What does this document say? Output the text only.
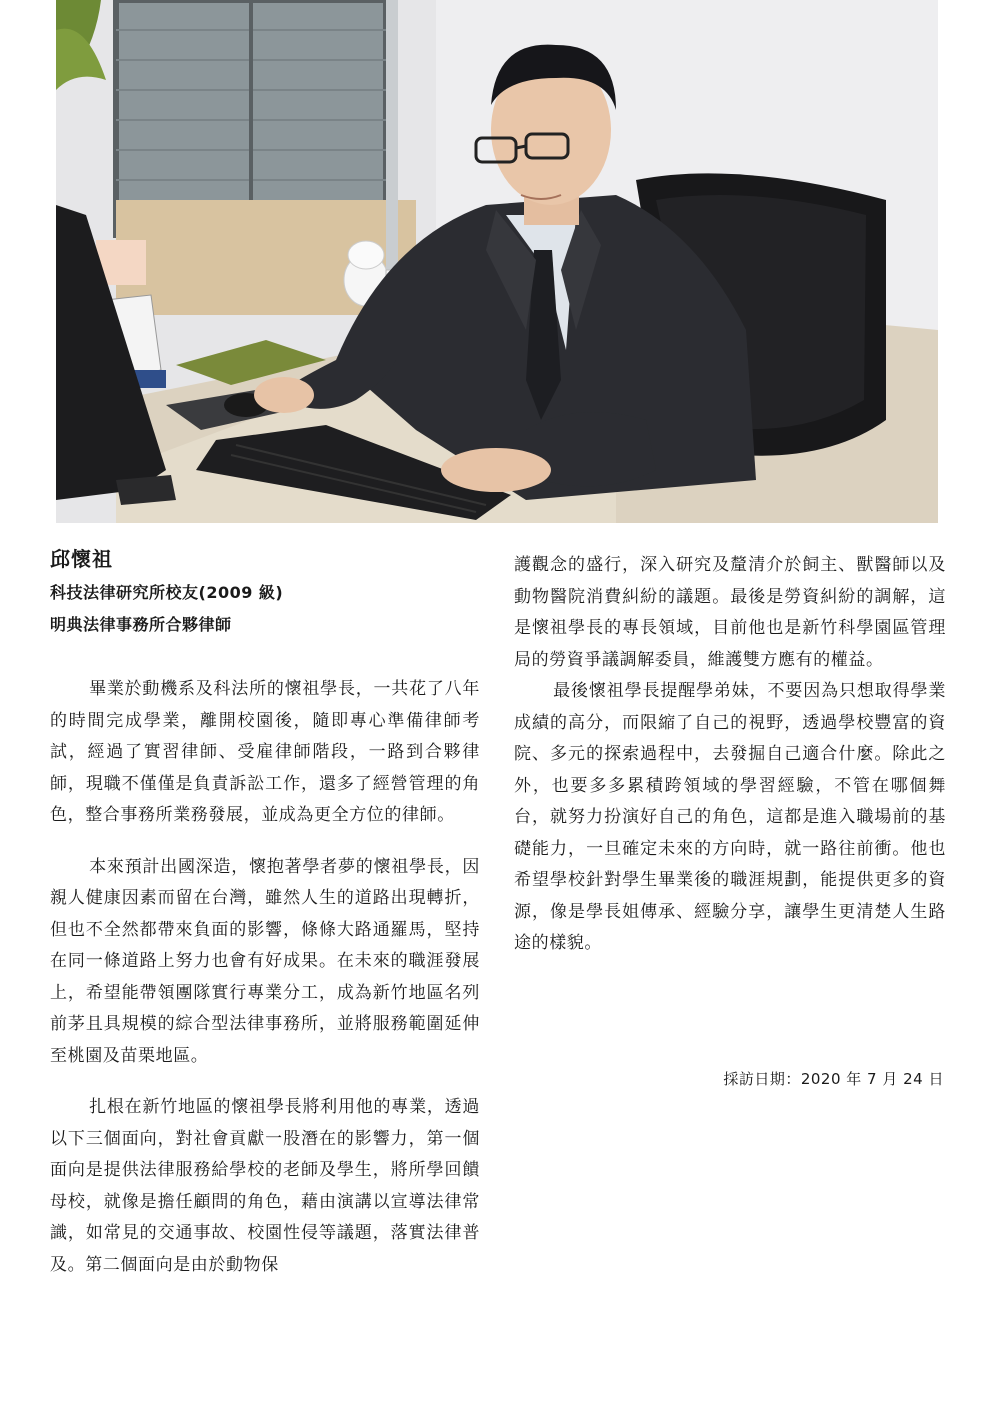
邱懷祖
科技法律研究所校友(2009 級)
明典法律事務所合夥律師

畢業於動機系及科法所的懷祖學長，一共花了八年的時間完成學業，離開校園後，隨即專心準備律師考試，經過了實習律師、受雇律師階段，一路到合夥律師，現職不僅僅是負責訴訟工作，還多了經營管理的角色，整合事務所業務發展，並成為更全方位的律師。

本來預計出國深造，懷抱著學者夢的懷祖學長，因親人健康因素而留在台灣，雖然人生的道路出現轉折，但也不全然都帶來負面的影響，條條大路通羅馬，堅持在同一條道路上努力也會有好成果。在未來的職涯發展上，希望能帶領團隊實行專業分工，成為新竹地區名列前茅且具規模的綜合型法律事務所，並將服務範圍延伸至桃園及苗栗地區。

扎根在新竹地區的懷祖學長將利用他的專業，透過以下三個面向，對社會貢獻一股潛在的影響力，第一個面向是提供法律服務給學校的老師及學生，將所學回饋母校，就像是擔任顧問的角色，藉由演講以宣導法律常識，如常見的交通事故、校園性侵等議題，落實法律普及。第二個面向是由於動物保

護觀念的盛行，深入研究及釐清介於飼主、獸醫師以及動物醫院消費糾紛的議題。最後是勞資糾紛的調解，這是懷祖學長的專長領域，目前他也是新竹科學園區管理局的勞資爭議調解委員，維護雙方應有的權益。

最後懷祖學長提醒學弟妹，不要因為只想取得學業成績的高分，而限縮了自己的視野，透過學校豐富的資院、多元的探索過程中，去發掘自己適合什麼。除此之外，也要多多累積跨領域的學習經驗，不管在哪個舞台，就努力扮演好自己的角色，這都是進入職場前的基礎能力，一旦確定未來的方向時，就一路往前衝。他也希望學校針對學生畢業後的職涯規劃，能提供更多的資源，像是學長姐傳承、經驗分享，讓學生更清楚人生路途的樣貌。

採訪日期：2020 年 7 月 24 日
